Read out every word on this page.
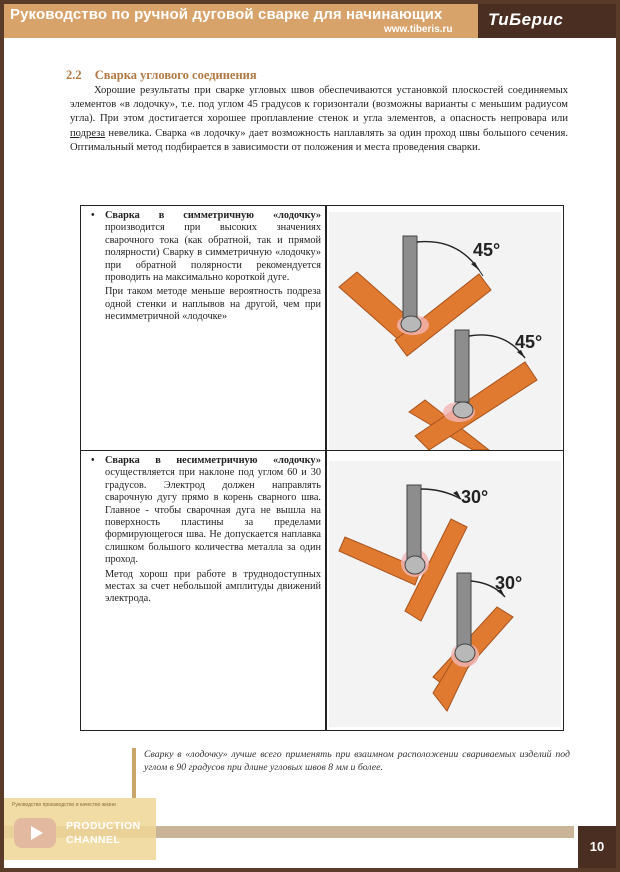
Руководство по ручной дуговой сварке для начинающих
www.tiberis.ru
ТиБерис
2.2 Сварка углового соединения
Хорошие результаты при сварке угловых швов обеспечиваются установкой плоскостей соединяемых элементов «в лодочку», т.е. под углом 45 градусов к горизонтали (возможны варианты с меньшим радиусом угла). При этом достигается хорошее проплавление стенок и угла элементов, а опасность непровара или подреза невелика. Сварка «в лодочку» дает возможность наплавлять за один проход швы большого сечения. Оптимальный метод подбирается в зависимости от положения и места проведения сварки.

• Сварка в симметричную «лодочку» производится при высоких значениях сварочного тока (как обратной, так и прямой полярности) Сварку в симметричную «лодочку» при обратной полярности рекомендуется проводить на максимально короткой дуге.

При таком методе меньше вероятность подреза одной стенки и наплывов на другой, чем при несимметричной «лодочке»

45°
45°

• Сварка в несимметричную «лодочку» осуществляется при наклоне под углом 60 и 30 градусов. Электрод должен направлять сварочную дугу прямо в корень сварного шва. Главное - чтобы сварочная дуга не вышла на поверхность пластины за пределами формирующегося шва. Не допускается наплавка слишком большого количества металла за один проход.

Метод хорош при работе в труднодоступных местах за счет небольшой амплитуды движений электрода.

30°
30°
Сварку в «лодочку» лучше всего применять при взаимном расположении свариваемых изделий под углом в 90 градусов при длине угловых швов 8 мм и более.
10
Руководство производство и качество жизни
PRODUCTION
CHANNEL
